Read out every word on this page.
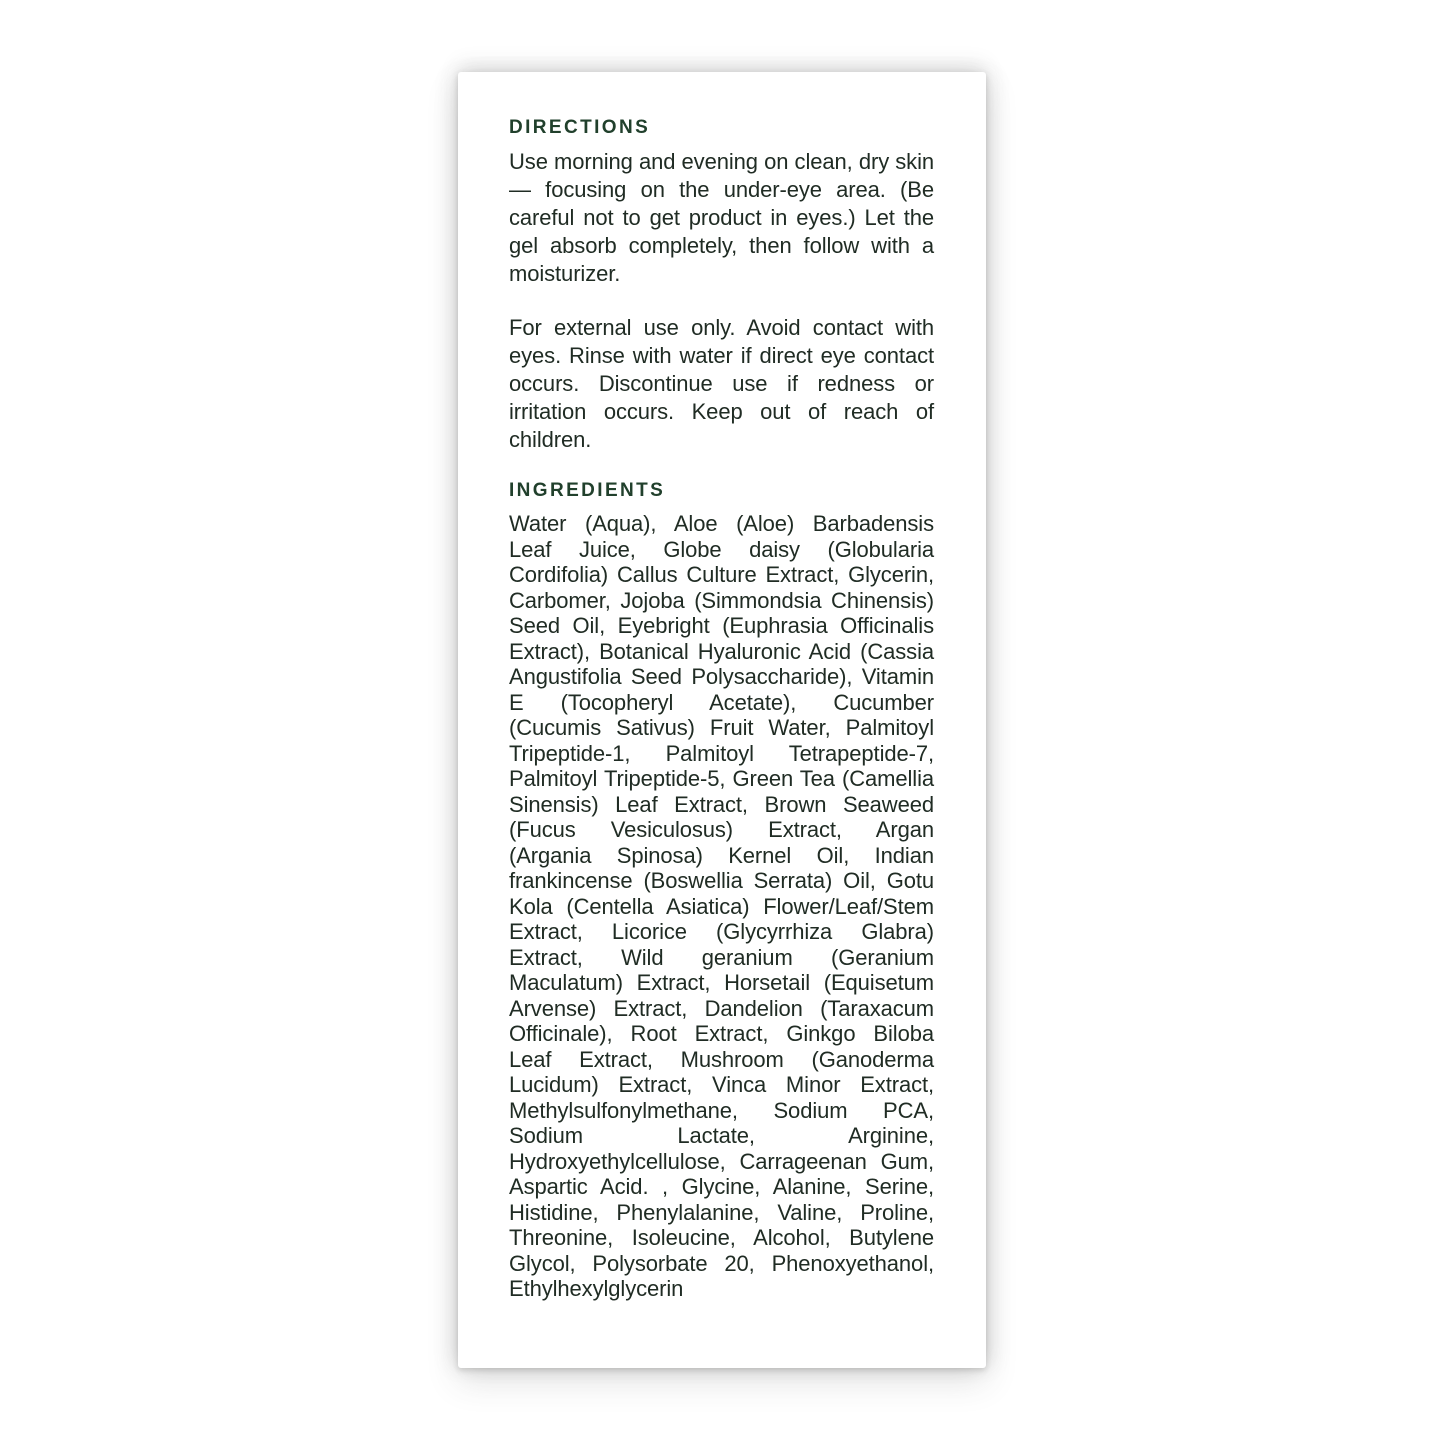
DIRECTIONS

Use morning and evening on clean, dry skin — focusing on the under-eye area. (Be careful not to get product in eyes.) Let the gel absorb completely, then follow with a moisturizer.

For external use only. Avoid contact with eyes. Rinse with water if direct eye contact occurs. Discontinue use if redness or irritation occurs. Keep out of reach of children.

INGREDIENTS

Water (Aqua), Aloe (Aloe) Barbadensis Leaf Juice, Globe daisy (Globularia Cordifolia) Callus Culture Extract, Glycerin, Carbomer, Jojoba (Simmondsia Chinensis) Seed Oil, Eyebright (Euphrasia Officinalis Extract), Botanical Hyaluronic Acid (Cassia Angustifolia Seed Polysaccharide), Vitamin E (Tocopheryl Acetate), Cucumber (Cucumis Sativus) Fruit Water, Palmitoyl Tripeptide-1, Palmitoyl Tetrapeptide-7, Palmitoyl Tripeptide-5, Green Tea (Camellia Sinensis) Leaf Extract, Brown Seaweed (Fucus Vesiculosus) Extract, Argan (Argania Spinosa) Kernel Oil, Indian frankincense (Boswellia Serrata) Oil, Gotu Kola (Centella Asiatica) Flower/Leaf/Stem Extract, Licorice (Glycyrrhiza Glabra) Extract, Wild geranium (Geranium Maculatum) Extract, Horsetail (Equisetum Arvense) Extract, Dandelion (Taraxacum Officinale), Root Extract, Ginkgo Biloba Leaf Extract, Mushroom (Ganoderma Lucidum) Extract, Vinca Minor Extract, Methylsulfonylmethane, Sodium PCA, Sodium Lactate, Arginine, Hydroxyethylcellulose, Carrageenan Gum, Aspartic Acid. , Glycine, Alanine, Serine, Histidine, Phenylalanine, Valine, Proline, Threonine, Isoleucine, Alcohol, Butylene Glycol, Polysorbate 20, Phenoxyethanol, Ethylhexylglycerin
